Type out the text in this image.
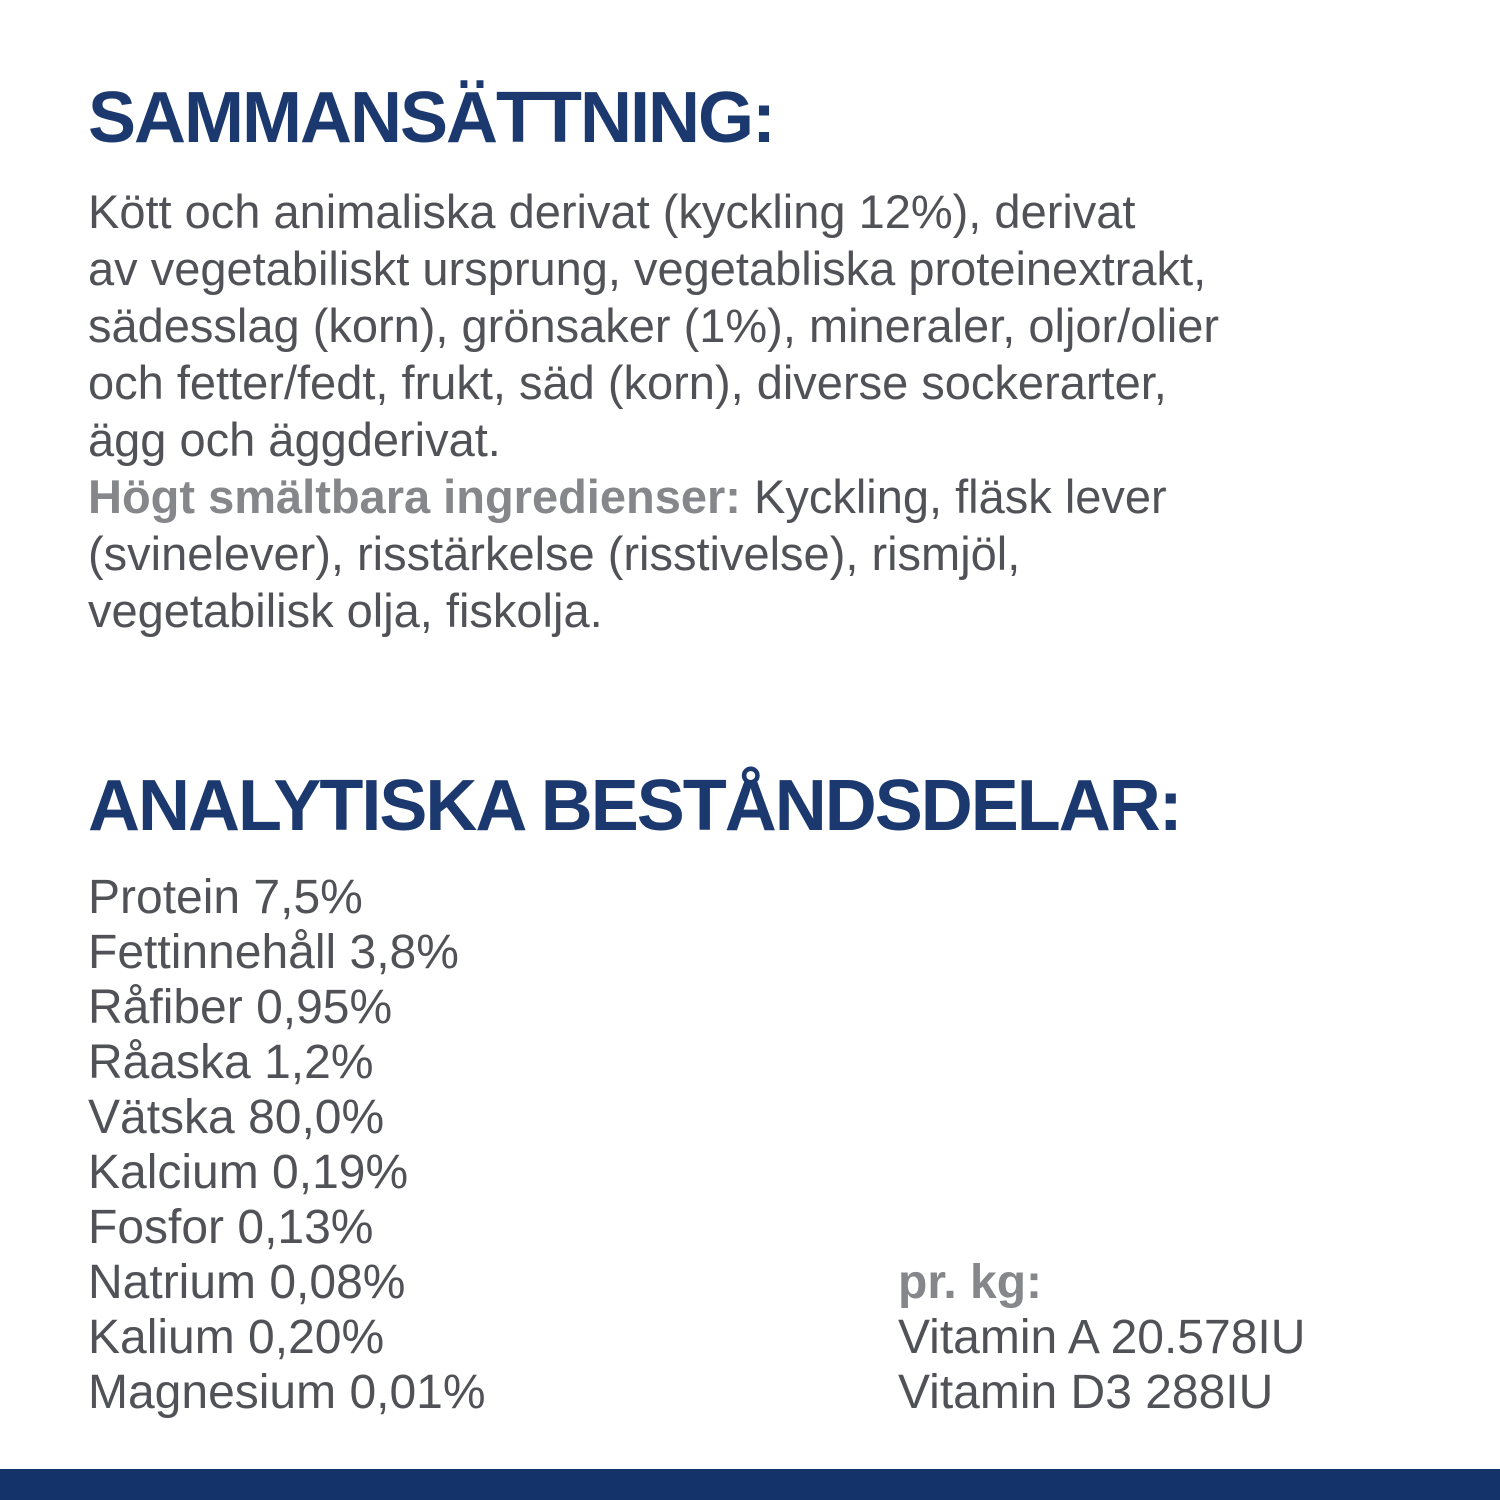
SAMMANSÄTTNING:
Kött och animaliska derivat (kyckling 12%), derivat
av vegetabiliskt ursprung, vegetabliska proteinextrakt,
sädesslag (korn), grönsaker (1%), mineraler, oljor/olier
och fetter/fedt, frukt, säd (korn), diverse sockerarter,
ägg och äggderivat.
Högt smältbara ingredienser: Kyckling, fläsk lever
(svinelever), risstärkelse (risstivelse), rismjöl,
vegetabilisk olja, fiskolja.
ANALYTISKA BESTÅNDSDELAR:
Protein 7,5%
Fettinnehåll 3,8%
Råfiber 0,95%
Råaska 1,2%
Vätska 80,0%
Kalcium 0,19%
Fosfor 0,13%
Natrium 0,08%
Kalium 0,20%
Magnesium 0,01%
pr. kg:
Vitamin A 20.578IU
Vitamin D3 288IU
